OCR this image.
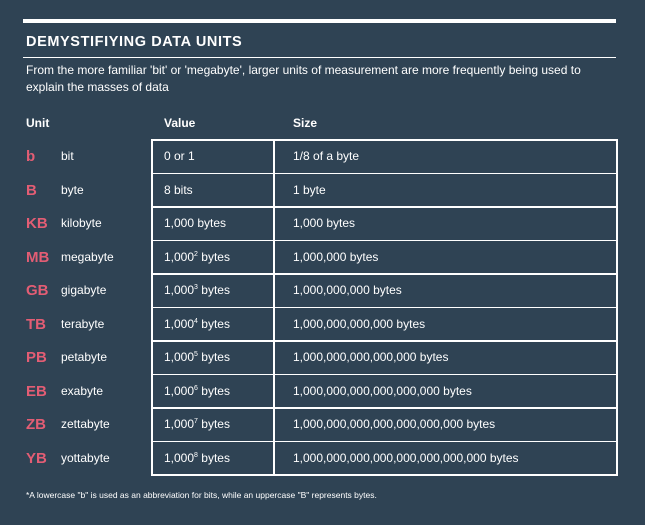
DEMYSTIFIYING DATA UNITS
From the more familiar 'bit' or 'megabyte', larger units of measurement are more frequently being used to explain the masses of data
Unit	Value	Size
b bit	0 or 1	1/8 of a byte
B byte	8 bits	1 byte
KB kilobyte	1,000 bytes	1,000 bytes
MB megabyte	1,000$^2$ bytes	1,000,000 bytes
GB gigabyte	1,000$^3$ bytes	1,000,000,000 bytes
TB terabyte	1,000$^4$ bytes	1,000,000,000,000 bytes
PB petabyte	1,000$^5$ bytes	1,000,000,000,000,000 bytes
EB exabyte	1,000$^6$ bytes	1,000,000,000,000,000,000 bytes
ZB zettabyte	1,000$^7$ bytes	1,000,000,000,000,000,000,000 bytes
YB yottabyte	1,000$^8$ bytes	1,000,000,000,000,000,000,000,000 bytes
*A lowercase "b" is used as an abbreviation for bits, while an uppercase "B" represents bytes.
